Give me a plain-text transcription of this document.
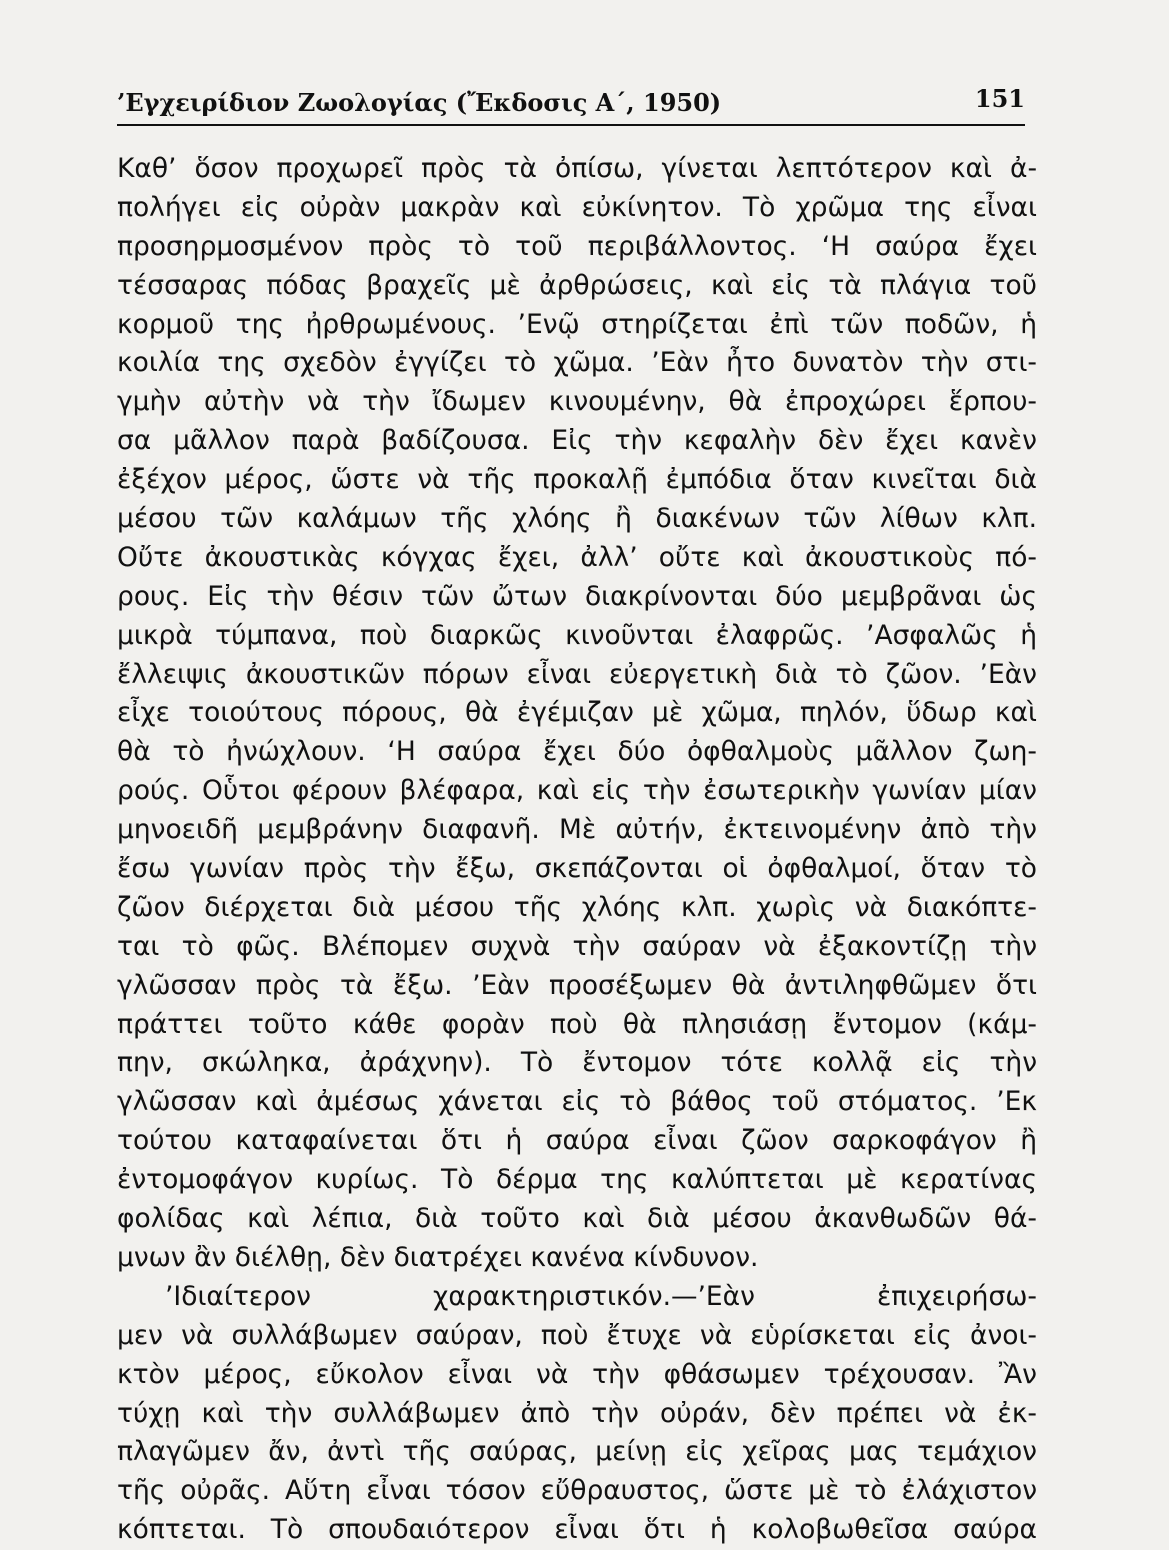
’Εγχειρίδιον Ζωολογίας (Ἔκδοσις Α΄, 1950)	151
Καθ’ ὅσον προχωρεῖ πρὸς τὰ ὀπίσω, γίνεται λεπτότερον καὶ ἀ-
πολήγει εἰς οὐρὰν μακρὰν καὶ εὐκίνητον. Τὸ χρῶμα της εἶναι
προσηρμοσμένον πρὸς τὸ τοῦ περιβάλλοντος. ‘Η σαύρα ἔχει
τέσσαρας πόδας βραχεῖς μὲ ἀρθρώσεις, καὶ εἰς τὰ πλάγια τοῦ
κορμοῦ της ἠρθρωμένους. ’Ενῷ στηρίζεται ἐπὶ τῶν ποδῶν, ἡ
κοιλία της σχεδὸν ἐγγίζει τὸ χῶμα. ’Εὰν ἦτο δυνατὸν τὴν στι-
γμὴν αὐτὴν νὰ τὴν ἴδωμεν κινουμένην, θὰ ἐπροχώρει ἕρπου-
σα μᾶλλον παρὰ βαδίζουσα. Εἰς τὴν κεφαλὴν δὲν ἔχει κανὲν
ἐξέχον μέρος, ὥστε νὰ τῆς προκαλῇ ἐμπόδια ὅταν κινεῖται διὰ
μέσου τῶν καλάμων τῆς χλόης ἢ διακένων τῶν λίθων κλπ.
Οὔτε ἀκουστικὰς κόγχας ἔχει, ἀλλ’ οὔτε καὶ ἀκουστικοὺς πό-
ρους. Εἰς τὴν θέσιν τῶν ὤτων διακρίνονται δύο μεμβρᾶναι ὡς
μικρὰ τύμπανα, ποὺ διαρκῶς κινοῦνται ἐλαφρῶς. ’Ασφαλῶς ἡ
ἔλλειψις ἀκουστικῶν πόρων εἶναι εὐεργετικὴ διὰ τὸ ζῶον. ’Εὰν
εἶχε τοιούτους πόρους, θὰ ἐγέμιζαν μὲ χῶμα, πηλόν, ὕδωρ καὶ
θὰ τὸ ἠνώχλουν. ‘Η σαύρα ἔχει δύο ὀφθαλμοὺς μᾶλλον ζωη-
ρούς. Οὗτοι φέρουν βλέφαρα, καὶ εἰς τὴν ἐσωτερικὴν γωνίαν μίαν
μηνοειδῆ μεμβράνην διαφανῆ. Μὲ αὐτήν, ἐκτεινομένην ἀπὸ τὴν
ἔσω γωνίαν πρὸς τὴν ἔξω, σκεπάζονται οἱ ὀφθαλμοί, ὅταν τὸ
ζῶον διέρχεται διὰ μέσου τῆς χλόης κλπ. χωρὶς νὰ διακόπτε-
ται τὸ φῶς. Βλέπομεν συχνὰ τὴν σαύραν νὰ ἐξακοντίζῃ τὴν
γλῶσσαν πρὸς τὰ ἔξω. ’Εὰν προσέξωμεν θὰ ἀντιληφθῶμεν ὅτι
πράττει τοῦτο κάθε φορὰν ποὺ θὰ πλησιάσῃ ἔντομον (κάμ-
πην, σκώληκα, ἀράχνην). Τὸ ἔντομον τότε κολλᾷ εἰς τὴν
γλῶσσαν καὶ ἀμέσως χάνεται εἰς τὸ βάθος τοῦ στόματος. ’Εκ
τούτου καταφαίνεται ὅτι ἡ σαύρα εἶναι ζῶον σαρκοφάγον ἢ
ἐντομοφάγον κυρίως. Τὸ δέρμα της καλύπτεται μὲ κερατίνας
φολίδας καὶ λέπια, διὰ τοῦτο καὶ διὰ μέσου ἀκανθωδῶν θά-
μνων ἂν διέλθῃ, δὲν διατρέχει κανένα κίνδυνον.
’Ιδιαίτερον χαρακτηριστικόν.—’Εὰν ἐπιχειρήσω-
μεν νὰ συλλάβωμεν σαύραν, ποὺ ἔτυχε νὰ εὑρίσκεται εἰς ἀνοι-
κτὸν μέρος, εὔκολον εἶναι νὰ τὴν φθάσωμεν τρέχουσαν. Ἂν
τύχῃ καὶ τὴν συλλάβωμεν ἀπὸ τὴν οὐράν, δὲν πρέπει νὰ ἐκ-
πλαγῶμεν ἄν, ἀντὶ τῆς σαύρας, μείνῃ εἰς χεῖρας μας τεμάχιον
τῆς οὐρᾶς. Αὕτη εἶναι τόσον εὔθραυστος, ὥστε μὲ τὸ ἐλάχιστον
κόπτεται. Τὸ σπουδαιότερον εἶναι ὅτι ἡ κολοβωθεῖσα σαύρα
